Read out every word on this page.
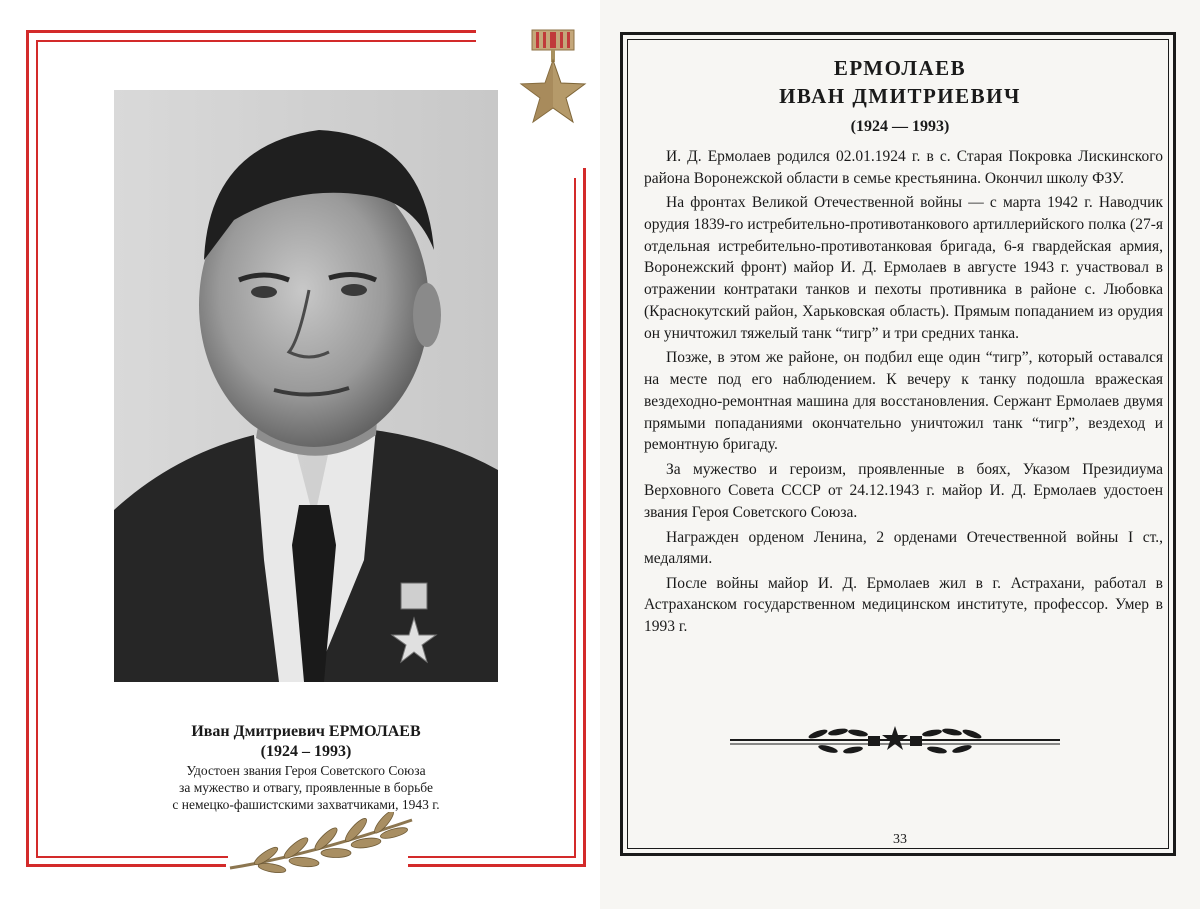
Иван Дмитриевич ЕРМОЛАЕВ
(1924 – 1993)
Удостоен звания Героя Советского Союза
за мужество и отвагу, проявленные в борьбе
с немецко-фашистскими захватчиками, 1943 г.
ЕРМОЛАЕВ
ИВАН ДМИТРИЕВИЧ
(1924 — 1993)

И. Д. Ермолаев родился 02.01.1924 г. в с. Старая Покровка Лискинского района Воронежской области в семье крестьянина. Окончил школу ФЗУ.

На фронтах Великой Отечественной войны — с марта 1942 г. Наводчик орудия 1839-го истребительно-противотанкового артиллерийского полка (27-я отдельная истребительно-противотанковая бригада, 6-я гвардейская армия, Воронежский фронт) майор И. Д. Ермолаев в августе 1943 г. участвовал в отражении контратаки танков и пехоты противника в районе с. Любовка (Краснокутский район, Харьковская область). Прямым попаданием из орудия он уничтожил тяжелый танк “тигр” и три средних танка.

Позже, в этом же районе, он подбил еще один “тигр”, который оставался на месте под его наблюдением. К вечеру к танку подошла вражеская вездеходно-ремонтная машина для восстановления. Сержант Ермолаев двумя прямыми попаданиями окончательно уничтожил танк “тигр”, вездеход и ремонтную бригаду.

За мужество и героизм, проявленные в боях, Указом Президиума Верховного Совета СССР от 24.12.1943 г. майор И. Д. Ермолаев удостоен звания Героя Советского Союза.

Награжден орденом Ленина, 2 орденами Отечественной войны I ст., медалями.

После войны майор И. Д. Ермолаев жил в г. Астрахани, работал в Астраханском государственном медицинском институте, профессор. Умер в 1993 г.

33
